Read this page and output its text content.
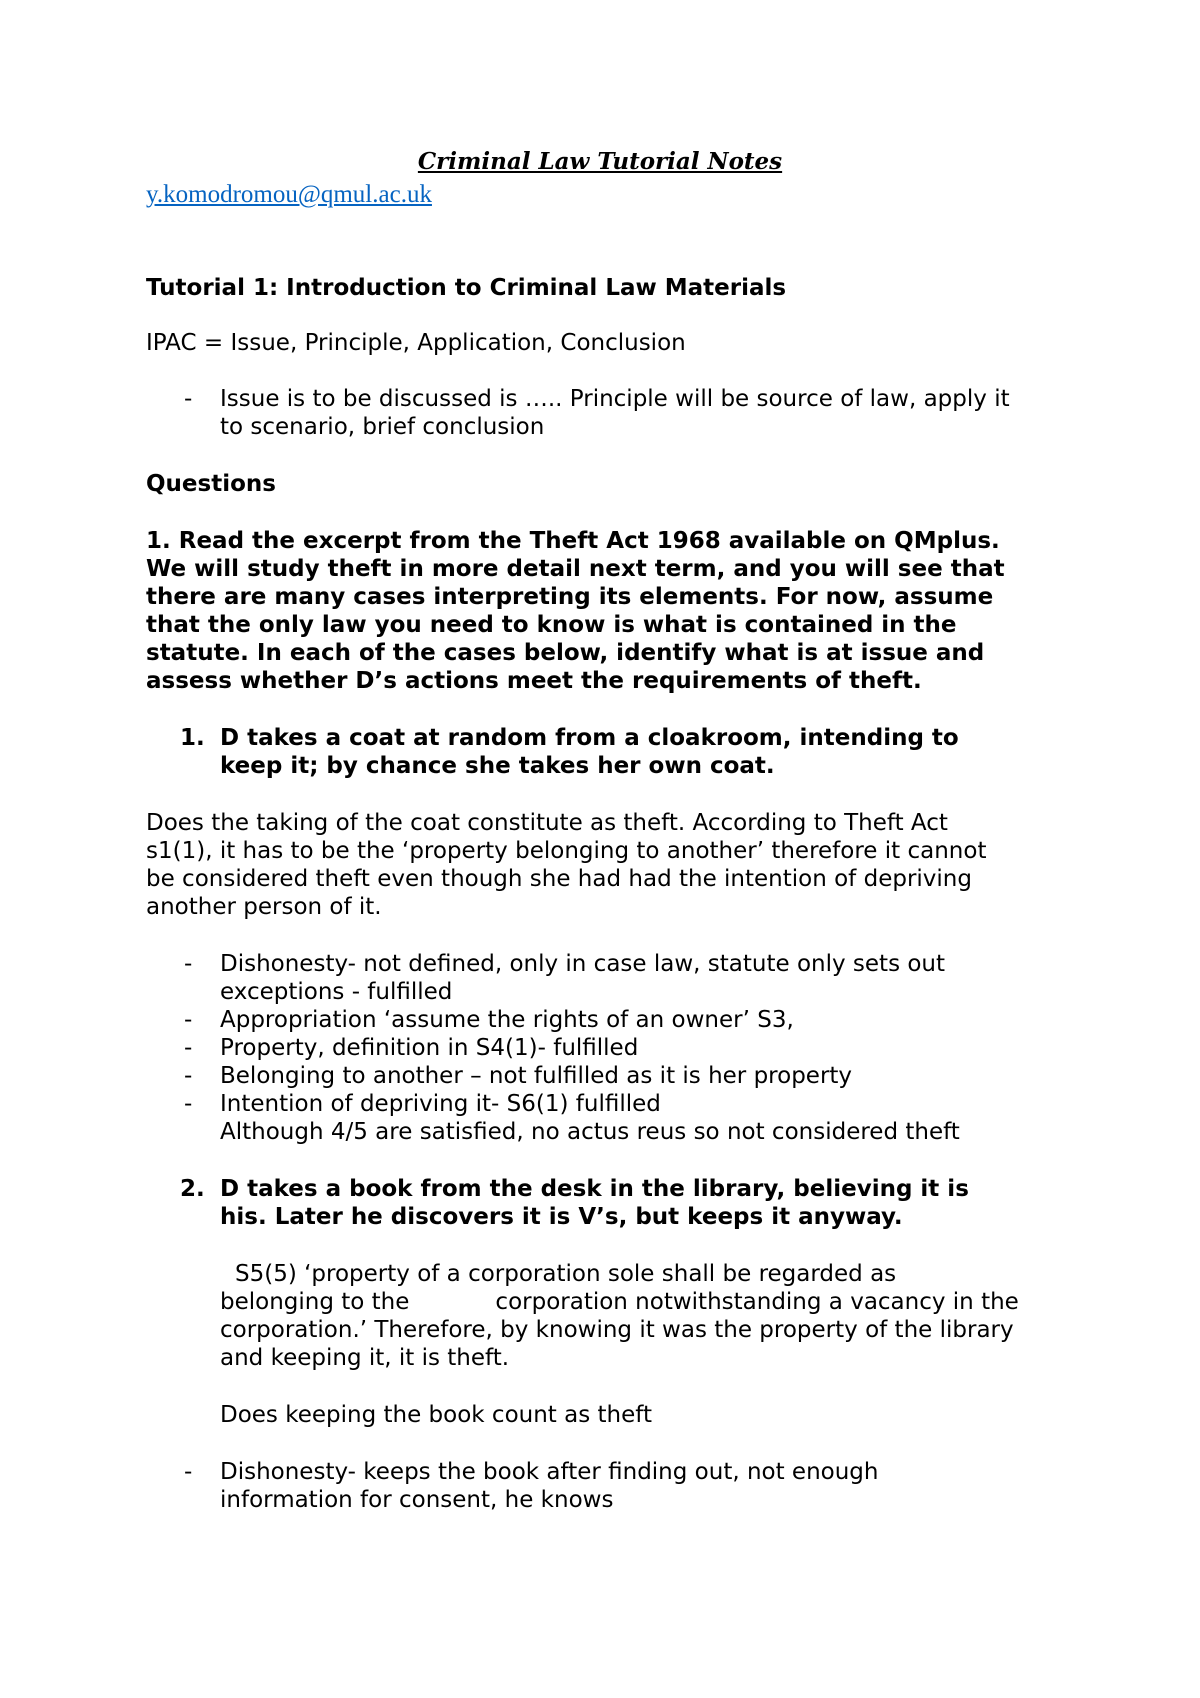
Criminal Law Tutorial Notes
y.komodromou@qmul.ac.uk
Tutorial 1: Introduction to Criminal Law Materials
IPAC = Issue, Principle, Application, Conclusion
- Issue is to be discussed is ….. Principle will be source of law, apply it
to scenario, brief conclusion
Questions
1. Read the excerpt from the Theft Act 1968 available on QMplus.
We will study theft in more detail next term, and you will see that
there are many cases interpreting its elements. For now, assume
that the only law you need to know is what is contained in the
statute. In each of the cases below, identify what is at issue and
assess whether D’s actions meet the requirements of theft.
1. D takes a coat at random from a cloakroom, intending to
keep it; by chance she takes her own coat.
Does the taking of the coat constitute as theft. According to Theft Act
s1(1), it has to be the ‘property belonging to another’ therefore it cannot
be considered theft even though she had had the intention of depriving
another person of it.
- Dishonesty- not defined, only in case law, statute only sets out
exceptions - fulfilled
- Appropriation ‘assume the rights of an owner’ S3,
- Property, definition in S4(1)- fulfilled
- Belonging to another – not fulfilled as it is her property
- Intention of depriving it- S6(1) fulfilled
Although 4/5 are satisfied, no actus reus so not considered theft
2. D takes a book from the desk in the library, believing it is
his. Later he discovers it is V’s, but keeps it anyway.
S5(5) ‘property of a corporation sole shall be regarded as
belonging to the	corporation notwithstanding a vacancy in the
corporation.’ Therefore, by knowing it was the property of the library
and keeping it, it is theft.
Does keeping the book count as theft
- Dishonesty- keeps the book after finding out, not enough
information for consent, he knows
